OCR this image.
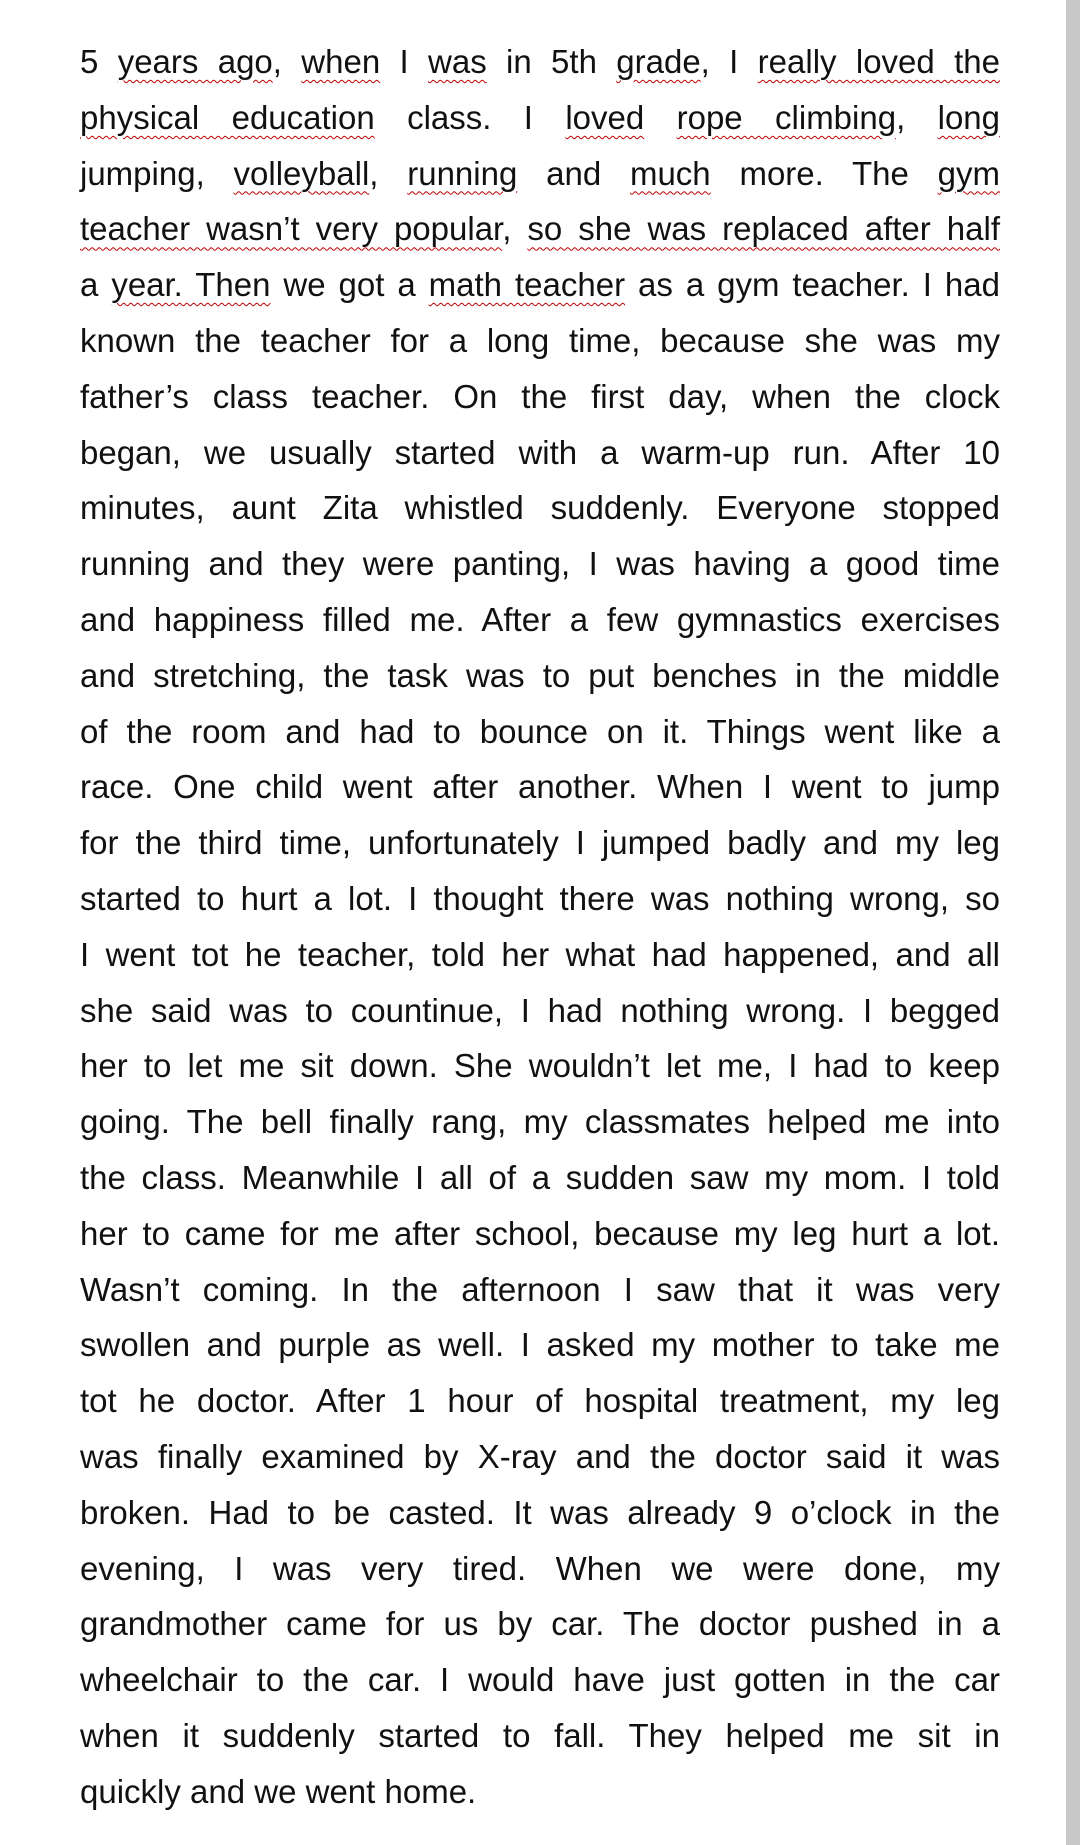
5 years ago, when I was in 5th grade, I really loved the
physical education class. I loved rope climbing, long
jumping, volleyball, running and much more. The gym
teacher wasn’t very popular, so she was replaced after half
a year. Then we got a math teacher as a gym teacher. I had
known the teacher for a long time, because she was my
father’s class teacher. On the first day, when the clock
began, we usually started with a warm-up run. After 10
minutes, aunt Zita whistled suddenly. Everyone stopped
running and they were panting, I was having a good time
and happiness filled me. After a few gymnastics exercises
and stretching, the task was to put benches in the middle
of the room and had to bounce on it. Things went like a
race. One child went after another. When I went to jump
for the third time, unfortunately I jumped badly and my leg
started to hurt a lot. I thought there was nothing wrong, so
I went tot he teacher, told her what had happened, and all
she said was to countinue, I had nothing wrong. I begged
her to let me sit down. She wouldn’t let me, I had to keep
going. The bell finally rang, my classmates helped me into
the class. Meanwhile I all of a sudden saw my mom. I told
her to came for me after school, because my leg hurt a lot.
Wasn’t coming. In the afternoon I saw that it was very
swollen and purple as well. I asked my mother to take me
tot he doctor. After 1 hour of hospital treatment, my leg
was finally examined by X-ray and the doctor said it was
broken. Had to be casted. It was already 9 o’clock in the
evening, I was very tired. When we were done, my
grandmother came for us by car. The doctor pushed in a
wheelchair to the car. I would have just gotten in the car
when it suddenly started to fall. They helped me sit in
quickly and we went home.
